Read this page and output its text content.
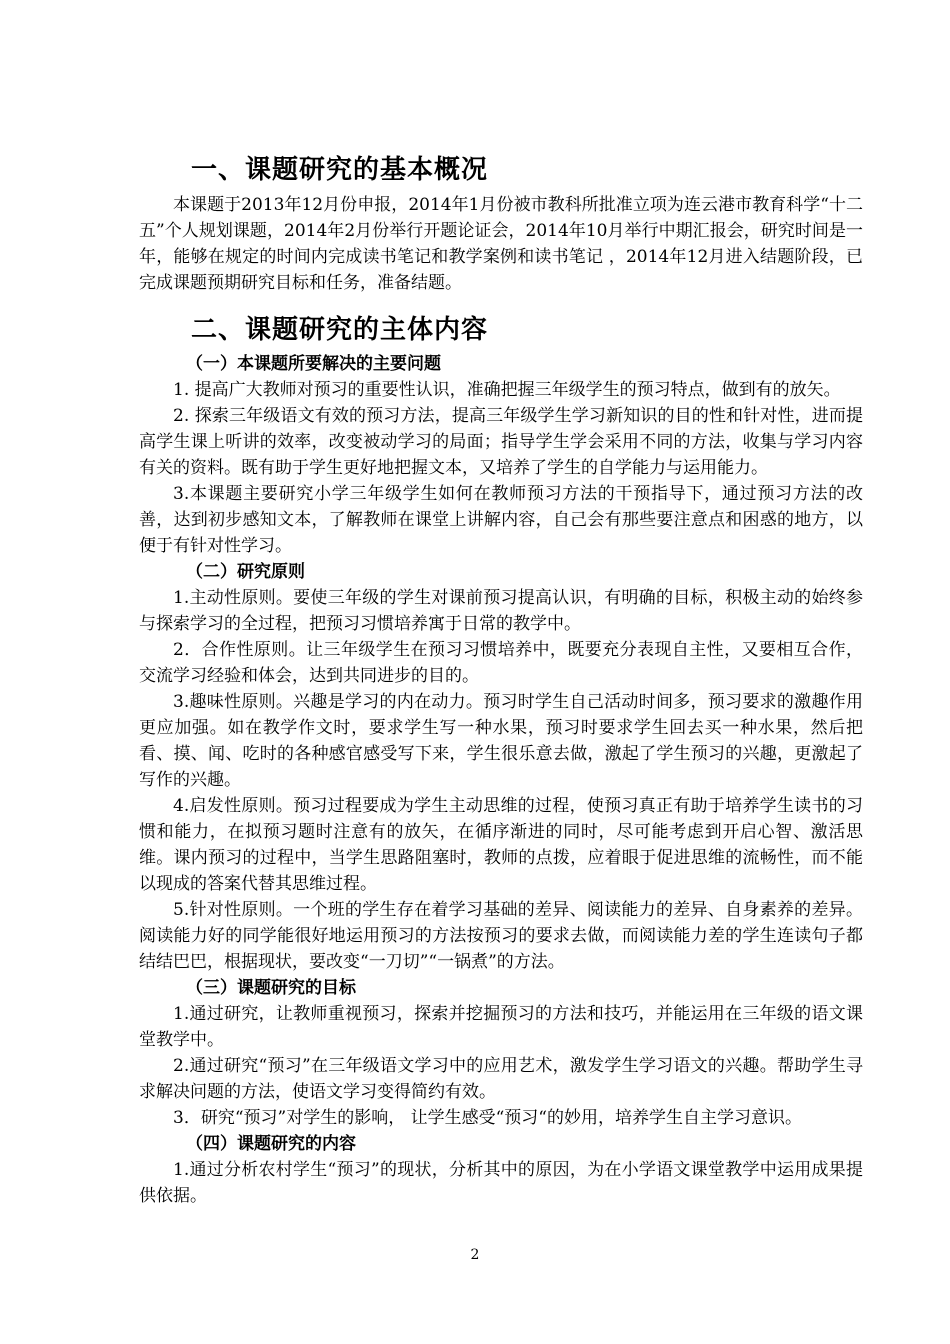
一、课题研究的基本概况

本课题于2013年12月份申报，2014年1月份被市教科所批准立项为连云港市教育科学“十二五”个人规划课题，2014年2月份举行开题论证会，2014年10月举行中期汇报会，研究时间是一年，能够在规定的时间内完成读书笔记和教学案例和读书笔记 ，2014年12月进入结题阶段，已完成课题预期研究目标和任务，准备结题。

二、课题研究的主体内容
（一）本课题所要解决的主要问题

1. 提高广大教师对预习的重要性认识，准确把握三年级学生的预习特点，做到有的放矢。

2. 探索三年级语文有效的预习方法，提高三年级学生学习新知识的目的性和针对性，进而提高学生课上听讲的效率，改变被动学习的局面；指导学生学会采用不同的方法，收集与学习内容有关的资料。既有助于学生更好地把握文本，又培养了学生的自学能力与运用能力。

3.本课题主要研究小学三年级学生如何在教师预习方法的干预指导下，通过预习方法的改善，达到初步感知文本，了解教师在课堂上讲解内容，自己会有那些要注意点和困惑的地方，以便于有针对性学习。

（二）研究原则

1.主动性原则。要使三年级的学生对课前预习提高认识，有明确的目标，积极主动的始终参与探索学习的全过程，把预习习惯培养寓于日常的教学中。

2．合作性原则。让三年级学生在预习习惯培养中，既要充分表现自主性，又要相互合作，交流学习经验和体会，达到共同进步的目的。

3.趣味性原则。兴趣是学习的内在动力。预习时学生自己活动时间多，预习要求的激趣作用更应加强。如在教学作文时，要求学生写一种水果，预习时要求学生回去买一种水果，然后把看、摸、闻、吃时的各种感官感受写下来，学生很乐意去做，激起了学生预习的兴趣，更激起了写作的兴趣。

4.启发性原则。预习过程要成为学生主动思维的过程，使预习真正有助于培养学生读书的习惯和能力，在拟预习题时注意有的放矢，在循序渐进的同时，尽可能考虑到开启心智、激活思维。课内预习的过程中，当学生思路阻塞时，教师的点拨，应着眼于促进思维的流畅性，而不能以现成的答案代替其思维过程。

5.针对性原则。一个班的学生存在着学习基础的差异、阅读能力的差异、自身素养的差异。阅读能力好的同学能很好地运用预习的方法按预习的要求去做，而阅读能力差的学生连读句子都结结巴巴，根据现状，要改变“一刀切”“一锅煮”的方法。

（三）课题研究的目标

1.通过研究，让教师重视预习，探索并挖掘预习的方法和技巧，并能运用在三年级的语文课堂教学中。

2.通过研究“预习”在三年级语文学习中的应用艺术，激发学生学习语文的兴趣。帮助学生寻求解决问题的方法，使语文学习变得简约有效。

3．研究“预习”对学生的影响， 让学生感受“预习“的妙用，培养学生自主学习意识。

（四）课题研究的内容

1.通过分析农村学生“预习”的现状，分析其中的原因，为在小学语文课堂教学中运用成果提供依据。

2
